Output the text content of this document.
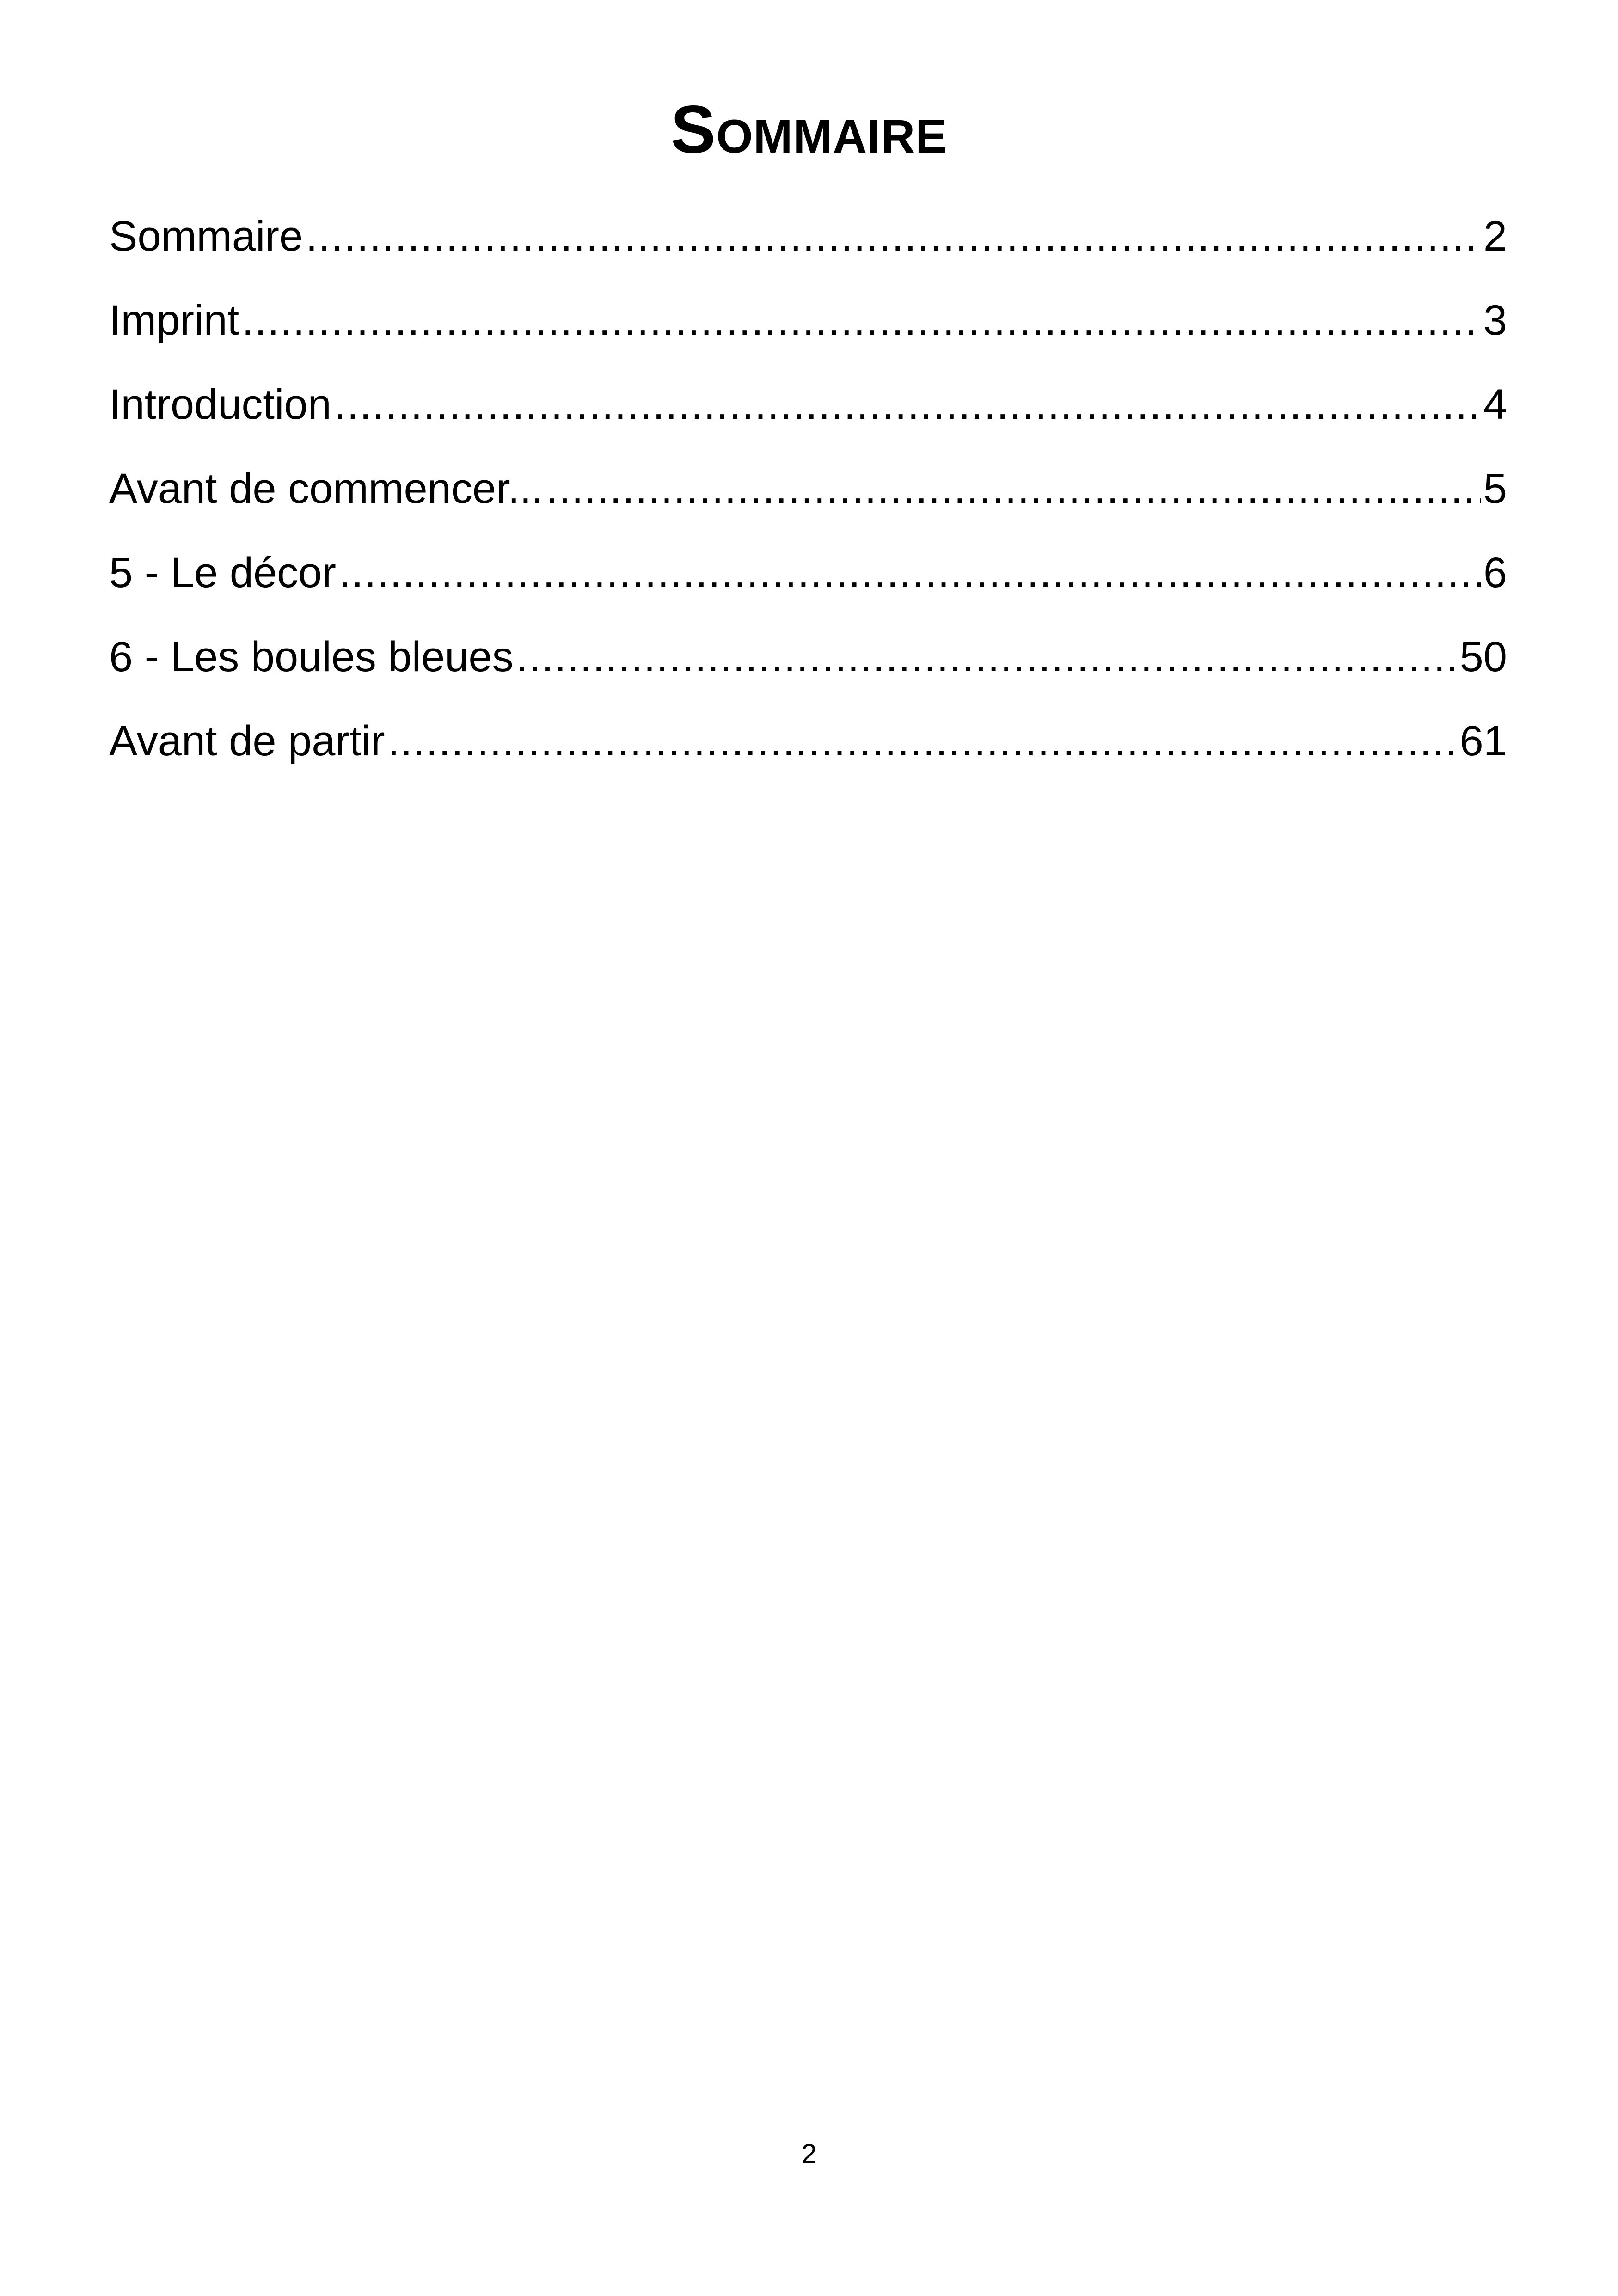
Sommaire
Sommaire .....	2
Imprint .....	3
Introduction .....	4
Avant de commencer... .....	5
5 - Le décor .....	6
6 - Les boules bleues .....	50
Avant de partir .....	61
2
